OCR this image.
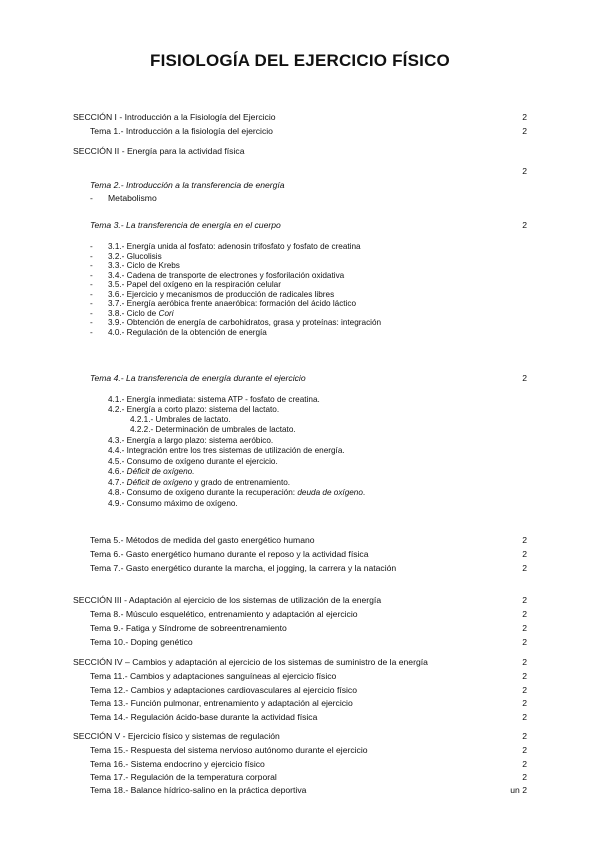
FISIOLOGÍA DEL EJERCICIO FÍSICO
SECCIÓN I - Introducción a la Fisiología del Ejercicio	2
Tema 1.- Introducción a la fisiología del ejercicio	2
SECCIÓN II - Energía para la actividad física
2
Tema 2.- Introducción a la transferencia de energía
- Metabolismo
Tema 3.- La transferencia de energía en el cuerpo	2
- 3.1.- Energía unida al fosfato: adenosin trifosfato y fosfato de creatina
- 3.2.- Glucolisis
- 3.3.- Ciclo de Krebs
- 3.4.- Cadena de transporte de electrones y fosforilación oxidativa
- 3.5.- Papel del oxígeno en la respiración celular
- 3.6.- Ejercicio y mecanismos de producción de radicales libres
- 3.7.- Energía aeróbica frente anaeróbica: formación del ácido láctico
- 3.8.- Ciclo de Cori
- 3.9.- Obtención de energía de carbohidratos, grasa y proteínas: integración
- 4.0.- Regulación de la obtención de energía
Tema 4.- La transferencia de energía durante el ejercicio	2
4.1.- Energía inmediata: sistema ATP - fosfato de creatina.
4.2.- Energía a corto plazo: sistema del lactato.
4.2.1.- Umbrales de lactato.
4.2.2.- Determinación de umbrales de lactato.
4.3.- Energía a largo plazo: sistema aeróbico.
4.4.- Integración entre los tres sistemas de utilización de energía.
4.5.- Consumo de oxígeno durante el ejercicio.
4.6.- Déficit de oxígeno.
4.7.- Déficit de oxígeno y grado de entrenamiento.
4.8.- Consumo de oxígeno durante la recuperación: deuda de oxígeno.
4.9.- Consumo máximo de oxígeno.
Tema 5.- Métodos de medida del gasto energético humano	2
Tema 6.- Gasto energético humano durante el reposo y la actividad física	2
Tema 7.- Gasto energético durante la marcha, el jogging, la carrera y la natación	2
SECCIÓN III - Adaptación al ejercicio de los sistemas de utilización de la energía	2
Tema 8.- Músculo esquelético, entrenamiento y adaptación al ejercicio	2
Tema 9.- Fatiga y Síndrome de sobreentrenamiento	2
Tema 10.- Doping genético	2
SECCIÓN IV – Cambios y adaptación al ejercicio de los sistemas de suministro de la energía	2
Tema 11.- Cambios y adaptaciones sanguíneas al ejercicio físico	2
Tema 12.- Cambios y adaptaciones cardiovasculares al ejercicio físico	2
Tema 13.- Función pulmonar, entrenamiento y adaptación al ejercicio	2
Tema 14.- Regulación ácido-base durante la actividad física	2
SECCIÓN V - Ejercicio físico y sistemas de regulación	2
Tema 15.- Respuesta del sistema nervioso autónomo durante el ejercicio	2
Tema 16.- Sistema endocrino y ejercicio físico	2
Tema 17.- Regulación de la temperatura corporal	2
Tema 18.- Balance hídrico-salino en la práctica deportiva	un 2
